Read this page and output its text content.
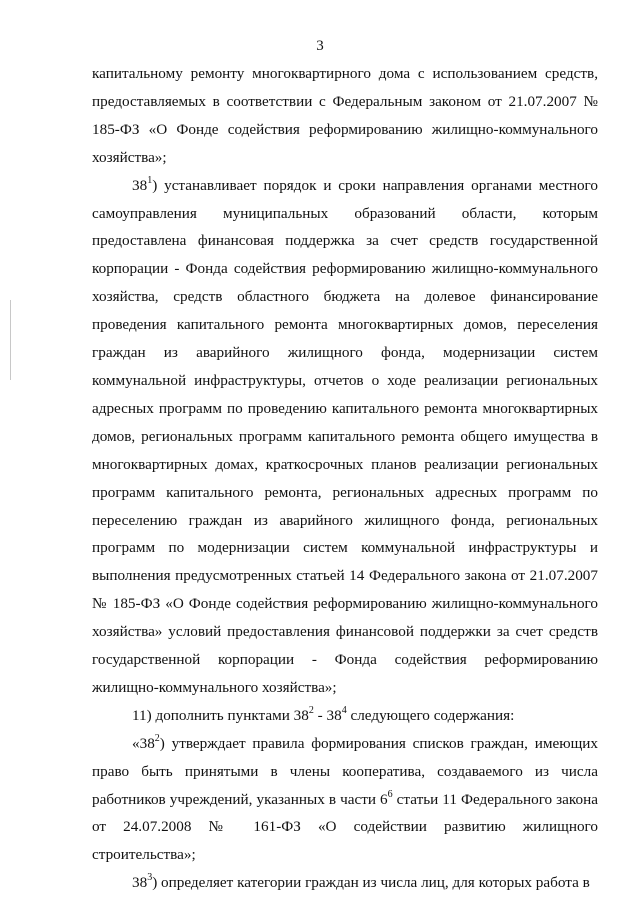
3

капитальному ремонту многоквартирного дома с использованием средств, предоставляемых в соответствии с Федеральным законом от 21.07.2007 № 185-ФЗ «О Фонде содействия реформированию жилищно-коммунального хозяйства»;

$38^1$) устанавливает порядок и сроки направления органами местного самоуправления муниципальных образований области, которым предоставлена финансовая поддержка за счет средств государственной корпорации - Фонда содействия реформированию жилищно-коммунального хозяйства, средств областного бюджета на долевое финансирование проведения капитального ремонта многоквартирных домов, переселения граждан из аварийного жилищного фонда, модернизации систем коммунальной инфраструктуры, отчетов о ходе реализации региональных адресных программ по проведению капитального ремонта многоквартирных домов, региональных программ капитального ремонта общего имущества в многоквартирных домах, краткосрочных планов реализации региональных программ капитального ремонта, региональных адресных программ по переселению граждан из аварийного жилищного фонда, региональных программ по модернизации систем коммунальной инфраструктуры и выполнения предусмотренных статьей 14 Федерального закона от 21.07.2007 № 185-ФЗ «О Фонде содействия реформированию жилищно-коммунального хозяйства» условий предоставления финансовой поддержки за счет средств государственной корпорации - Фонда содействия реформированию жилищно-коммунального хозяйства»;

11) дополнить пунктами $38^2 - 38^4$ следующего содержания:

«$38^2$) утверждает правила формирования списков граждан, имеющих право быть принятыми в члены кооператива, создаваемого из числа работников учреждений, указанных в части $6^6$ статьи 11 Федерального закона от 24.07.2008 № 161-ФЗ «О содействии развитию жилищного строительства»;

$38^3$) определяет категории граждан из числа лиц, для которых работа в
